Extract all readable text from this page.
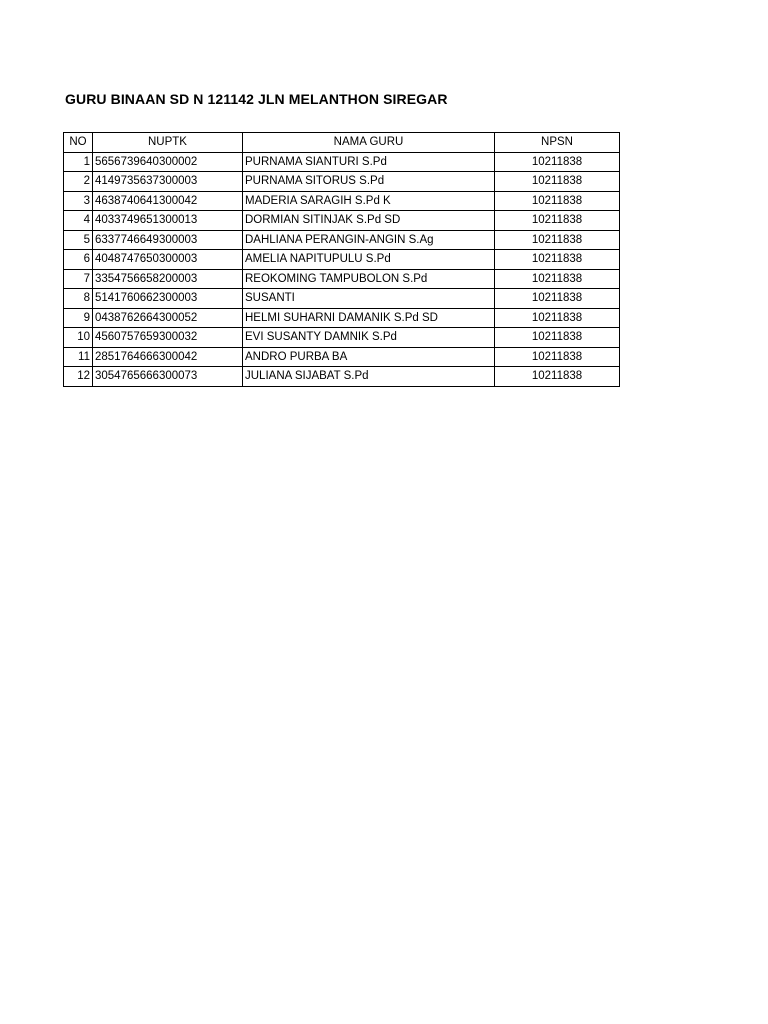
GURU BINAAN SD N 121142 JLN MELANTHON SIREGAR
NO	NUPTK	NAMA GURU	NPSN
1	5656739640300002	PURNAMA SIANTURI S.Pd	10211838
2	4149735637300003	PURNAMA SITORUS S.Pd	10211838
3	4638740641300042	MADERIA SARAGIH S.Pd K	10211838
4	4033749651300013	DORMIAN SITINJAK S.Pd SD	10211838
5	6337746649300003	DAHLIANA PERANGIN-ANGIN S.Ag	10211838
6	4048747650300003	AMELIA NAPITUPULU S.Pd	10211838
7	3354756658200003	REOKOMING TAMPUBOLON S.Pd	10211838
8	5141760662300003	SUSANTI	10211838
9	0438762664300052	HELMI SUHARNI DAMANIK S.Pd SD	10211838
10	4560757659300032	EVI SUSANTY DAMNIK S.Pd	10211838
11	2851764666300042	ANDRO PURBA BA	10211838
12	3054765666300073	JULIANA SIJABAT S.Pd	10211838
